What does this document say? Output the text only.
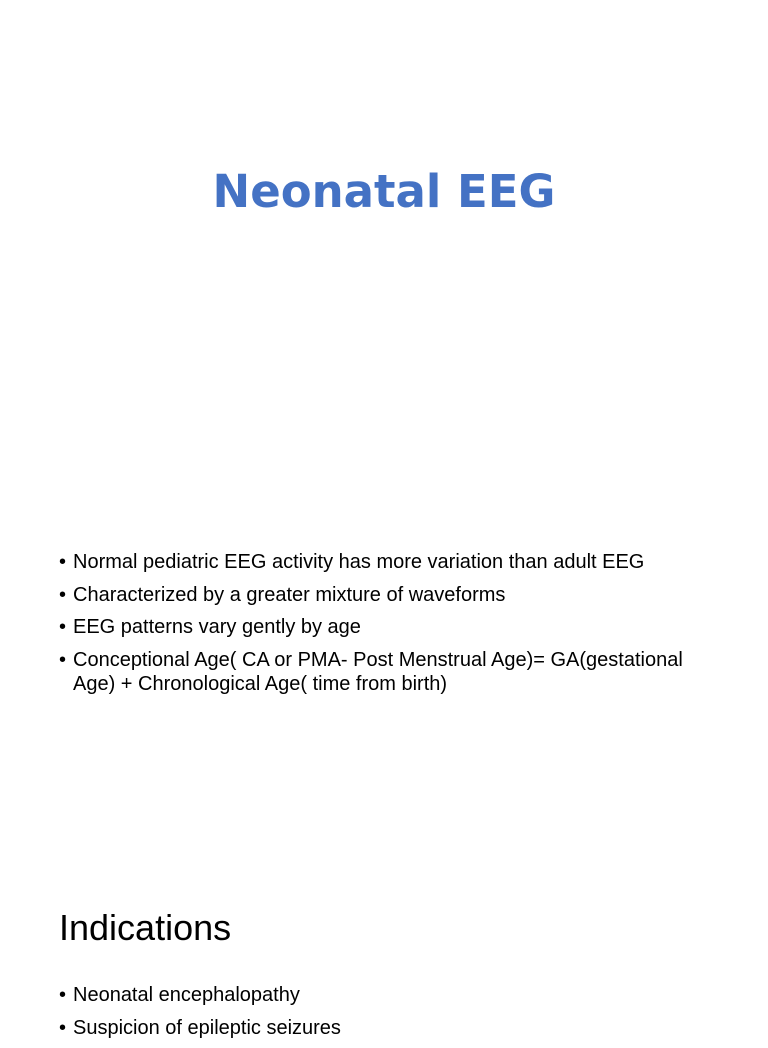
Neonatal EEG
• Normal pediatric EEG activity has more variation than adult EEG
• Characterized by a greater mixture of waveforms
• EEG patterns vary gently by age
• Conceptional Age( CA or PMA- Post Menstrual Age)= GA(gestational Age) + Chronological Age( time from birth)
Indications
• Neonatal encephalopathy
• Suspicion of epileptic seizures
